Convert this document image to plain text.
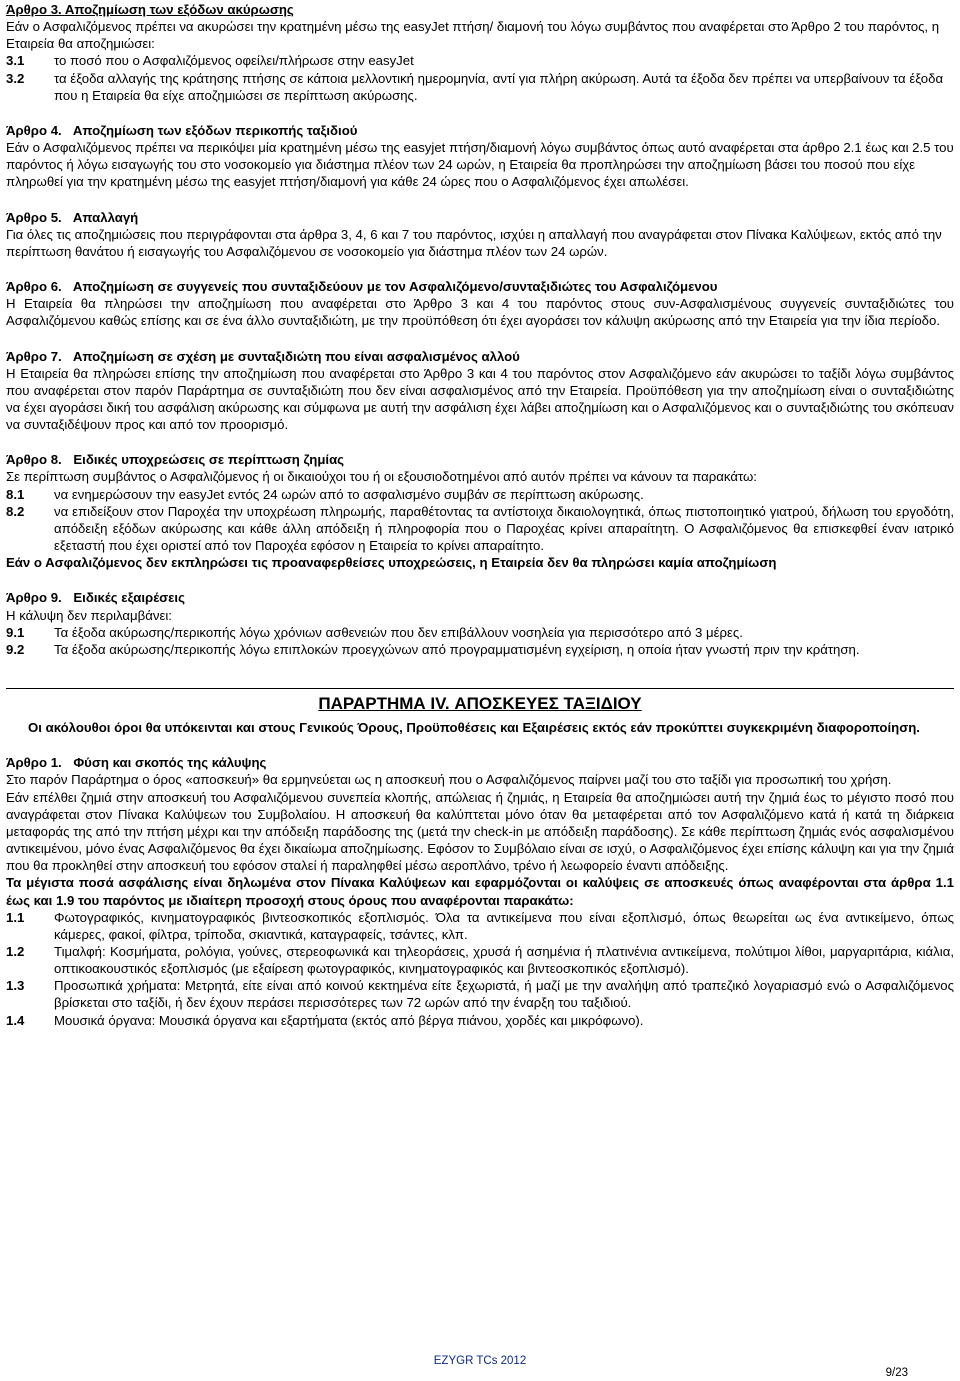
Άρθρο 3. Αποζημίωση των εξόδων ακύρωσης

Εάν ο Ασφαλιζόμενος πρέπει να ακυρώσει την κρατημένη μέσω της easyJet πτήση/ διαμονή του λόγω συμβάντος που αναφέρεται στο Άρθρο 2 του παρόντος, η Εταιρεία θα αποζημιώσει:

3.1	το ποσό που ο Ασφαλιζόμενος οφείλει/πλήρωσε στην easyJet
3.2	τα έξοδα αλλαγής της κράτησης πτήσης σε κάποια μελλοντική ημερομηνία, αντί για πλήρη ακύρωση. Αυτά τα έξοδα δεν πρέπει να υπερβαίνουν τα έξοδα που η Εταιρεία θα είχε αποζημιώσει σε περίπτωση ακύρωσης.

Άρθρο 4. Αποζημίωση των εξόδων περικοπής ταξιδιού

Εάν ο Ασφαλιζόμενος πρέπει να περικόψει μία κρατημένη μέσω της easyjet πτήση/διαμονή λόγω συμβάντος όπως αυτό αναφέρεται στα άρθρο 2.1 έως και 2.5 του παρόντος ή λόγω εισαγωγής του στο νοσοκομείο για διάστημα πλέον των 24 ωρών, η Εταιρεία θα προπληρώσει την αποζημίωση βάσει του ποσού που είχε πληρωθεί για την κρατημένη μέσω της easyjet πτήση/διαμονή για κάθε 24 ώρες που ο Ασφαλιζόμενος έχει απωλέσει.

Άρθρο 5. Απαλλαγή

Για όλες τις αποζημιώσεις που περιγράφονται στα άρθρα 3, 4, 6 και 7 του παρόντος, ισχύει η απαλλαγή που αναγράφεται στον Πίνακα Καλύψεων, εκτός από την περίπτωση θανάτου ή εισαγωγής του Ασφαλιζόμενου σε νοσοκομείο για διάστημα πλέον των 24 ωρών.

Άρθρο 6. Αποζημίωση σε συγγενείς που συνταξιδεύουν με τον Ασφαλιζόμενο/συνταξιδιώτες του Ασφαλιζόμενου

Η Εταιρεία θα πληρώσει την αποζημίωση που αναφέρεται στο Άρθρο 3 και 4 του παρόντος στους συν-Ασφαλισμένους συγγενείς συνταξιδιώτες του Ασφαλιζόμενου καθώς επίσης και σε ένα άλλο συνταξιδιώτη, με την προϋπόθεση ότι έχει αγοράσει τον κάλυψη ακύρωσης από την Εταιρεία για την ίδια περίοδο.

Άρθρο 7. Αποζημίωση σε σχέση με συνταξιδιώτη που είναι ασφαλισμένος αλλού

Η Εταιρεία θα πληρώσει επίσης την αποζημίωση που αναφέρεται στο Άρθρο 3 και 4 του παρόντος στον Ασφαλιζόμενο εάν ακυρώσει το ταξίδι λόγω συμβάντος που αναφέρεται στον παρόν Παράρτημα σε συνταξιδιώτη που δεν είναι ασφαλισμένος από την Εταιρεία. Προϋπόθεση για την αποζημίωση είναι ο συνταξιδιώτης να έχει αγοράσει δική του ασφάλιση ακύρωσης και σύμφωνα με αυτή την ασφάλιση έχει λάβει αποζημίωση και ο Ασφαλιζόμενος και ο συνταξιδιώτης του σκόπευαν να συνταξιδέψουν προς και από τον προορισμό.

Άρθρο 8. Ειδικές υποχρεώσεις σε περίπτωση ζημίας

Σε περίπτωση συμβάντος ο Ασφαλιζόμενος ή οι δικαιούχοι του ή οι εξουσιοδοτημένοι από αυτόν πρέπει να κάνουν τα παρακάτω:

8.1	να ενημερώσουν την easyJet εντός 24 ωρών από το ασφαλισμένο συμβάν σε περίπτωση ακύρωσης.
8.2	να επιδείξουν στον Παροχέα την υποχρέωση πληρωμής, παραθέτοντας τα αντίστοιχα δικαιολογητικά, όπως πιστοποιητικό γιατρού, δήλωση του εργοδότη, απόδειξη εξόδων ακύρωσης και κάθε άλλη απόδειξη ή πληροφορία που ο Παροχέας κρίνει απαραίτητη. Ο Ασφαλιζόμενος θα επισκεφθεί έναν ιατρικό εξεταστή που έχει οριστεί από τον Παροχέα εφόσον η Εταιρεία το κρίνει απαραίτητο.

Εάν ο Ασφαλιζόμενος δεν εκπληρώσει τις προαναφερθείσες υποχρεώσεις, η Εταιρεία δεν θα πληρώσει καμία αποζημίωση

Άρθρο 9. Ειδικές εξαιρέσεις

Η κάλυψη δεν περιλαμβάνει:

9.1	Τα έξοδα ακύρωσης/περικοπής λόγω χρόνιων ασθενειών που δεν επιβάλλουν νοσηλεία για περισσότερο από 3 μέρες.
9.2	Τα έξοδα ακύρωσης/περικοπής λόγω επιπλοκών προεγχώνων από προγραμματισμένη εγχείριση, η οποία ήταν γνωστή πριν την κράτηση.
ΠΑΡΑΡΤΗΜΑ IV. ΑΠΟΣΚΕΥΕΣ ΤΑΞΙΔΙΟΥ

Οι ακόλουθοι όροι θα υπόκεινται και στους Γενικούς Όρους, Προϋποθέσεις και Εξαιρέσεις εκτός εάν προκύπτει συγκεκριμένη διαφοροποίηση.

Άρθρο 1. Φύση και σκοπός της κάλυψης

Στο παρόν Παράρτημα ο όρος «αποσκευή» θα ερμηνεύεται ως η αποσκευή που ο Ασφαλιζόμενος παίρνει μαζί του στο ταξίδι για προσωπική του χρήση.

Εάν επέλθει ζημιά στην αποσκευή του Ασφαλιζόμενου συνεπεία κλοπής, απώλειας ή ζημιάς, η Εταιρεία θα αποζημιώσει αυτή την ζημιά έως το μέγιστο ποσό που αναγράφεται στον Πίνακα Καλύψεων του Συμβολαίου. Η αποσκευή θα καλύπτεται μόνο όταν θα μεταφέρεται από τον Ασφαλιζόμενο κατά ή κατά τη διάρκεια μεταφοράς της από την πτήση μέχρι και την απόδειξη παράδοσης της (μετά την check-in με απόδειξη παράδοσης). Σε κάθε περίπτωση ζημιάς ενός ασφαλισμένου αντικειμένου, μόνο ένας Ασφαλιζόμενος θα έχει δικαίωμα αποζημίωσης. Εφόσον το Συμβόλαιο είναι σε ισχύ, ο Ασφαλιζόμενος έχει επίσης κάλυψη και για την ζημιά που θα προκληθεί στην αποσκευή του εφόσον σταλεί ή παραληφθεί μέσω αεροπλάνο, τρένο ή λεωφορείο έναντι απόδειξης.

Τα μέγιστα ποσά ασφάλισης είναι δηλωμένα στον Πίνακα Καλύψεων και εφαρμόζονται οι καλύψεις σε αποσκευές όπως αναφέρονται στα άρθρα 1.1 έως και 1.9 του παρόντος με ιδιαίτερη προσοχή στους όρους που αναφέρονται παρακάτω:

1.1	Φωτογραφικός, κινηματογραφικός βιντεοσκοπικός εξοπλισμός. Όλα τα αντικείμενα που είναι εξοπλισμό, όπως θεωρείται ως ένα αντικείμενο, όπως κάμερες, φακοί, φίλτρα, τρίποδα, σκιαντικά, καταγραφείς, τσάντες, κλπ.
1.2	Τιμαλφή: Κοσμήματα, ρολόγια, γούνες, στερεοφωνικά και τηλεοράσεις, χρυσά ή ασημένια ή πλατινένια αντικείμενα, πολύτιμοι λίθοι, μαργαριτάρια, κιάλια, οπτικοακουστικός εξοπλισμός (με εξαίρεση φωτογραφικός, κινηματογραφικός και βιντεοσκοπικός εξοπλισμό).
1.3	Προσωπικά χρήματα: Μετρητά, είτε είναι από κοινού κεκτημένα είτε ξεχωριστά, ή μαζί με την αναλήψη από τραπεζικό λογαριασμό ενώ ο Ασφαλιζόμενος βρίσκεται στο ταξίδι, ή δεν έχουν περάσει περισσότερες των 72 ωρών από την έναρξη του ταξιδιού.
1.4	Μουσικά όργανα: Μουσικά όργανα και εξαρτήματα (εκτός από βέργα πιάνου, χορδές και μικρόφωνο).
EZYGR TCs 2012
9/23
